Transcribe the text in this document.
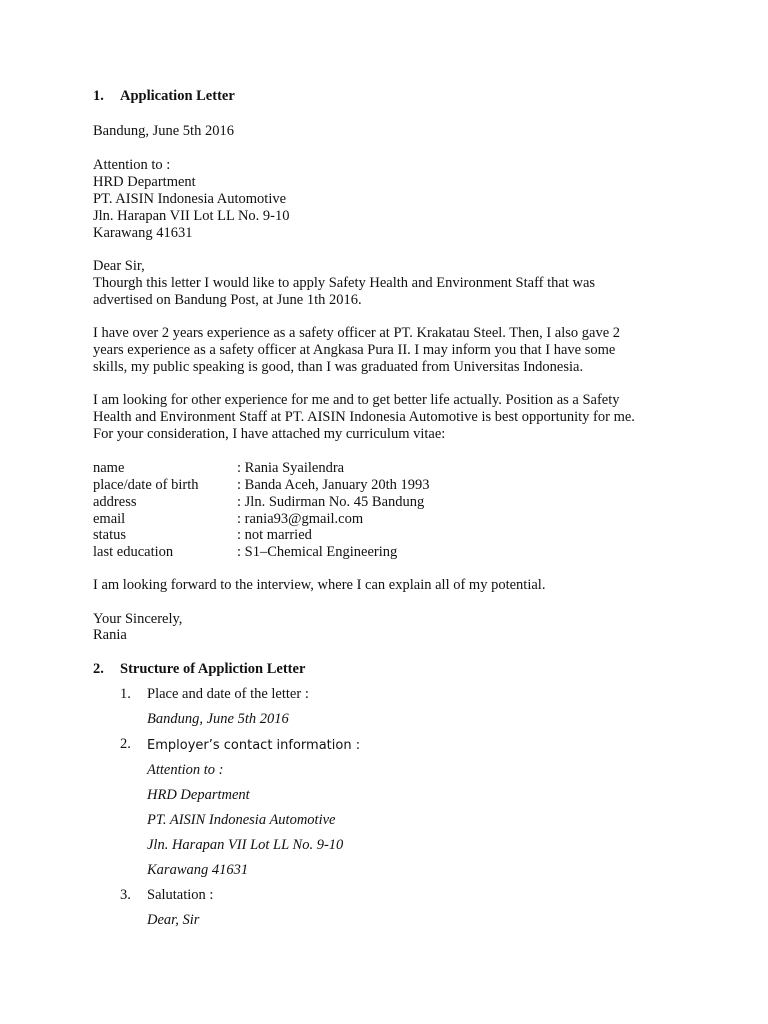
1. Application Letter
Bandung, June 5th 2016
Attention to :
HRD Department
PT. AISIN Indonesia Automotive
Jln. Harapan VII Lot LL No. 9-10
Karawang 41631
Dear Sir,
Thourgh this letter I would like to apply Safety Health and Environment Staff that was
advertised on Bandung Post, at June 1th 2016.
I have over 2 years experience as a safety officer at PT. Krakatau Steel. Then, I also gave 2
years experience as a safety officer at Angkasa Pura II. I may inform you that I have some
skills, my public speaking is good, than I was graduated from Universitas Indonesia.
I am looking for other experience for me and to get better life actually. Position as a Safety
Health and Environment Staff at PT. AISIN Indonesia Automotive is best opportunity for me.
For your consideration, I have attached my curriculum vitae:
name	: Rania Syailendra
place/date of birth	: Banda Aceh, January 20th 1993
address	: Jln. Sudirman No. 45 Bandung
email	: rania93@gmail.com
status	: not married
last education	: S1–Chemical Engineering
I am looking forward to the interview, where I can explain all of my potential.
Your Sincerely,
Rania
2. Structure of Appliction Letter
1. Place and date of the letter :
Bandung, June 5th 2016
2. Employer’s contact information :
Attention to :
HRD Department
PT. AISIN Indonesia Automotive
Jln. Harapan VII Lot LL No. 9-10
Karawang 41631
3. Salutation :
Dear, Sir
